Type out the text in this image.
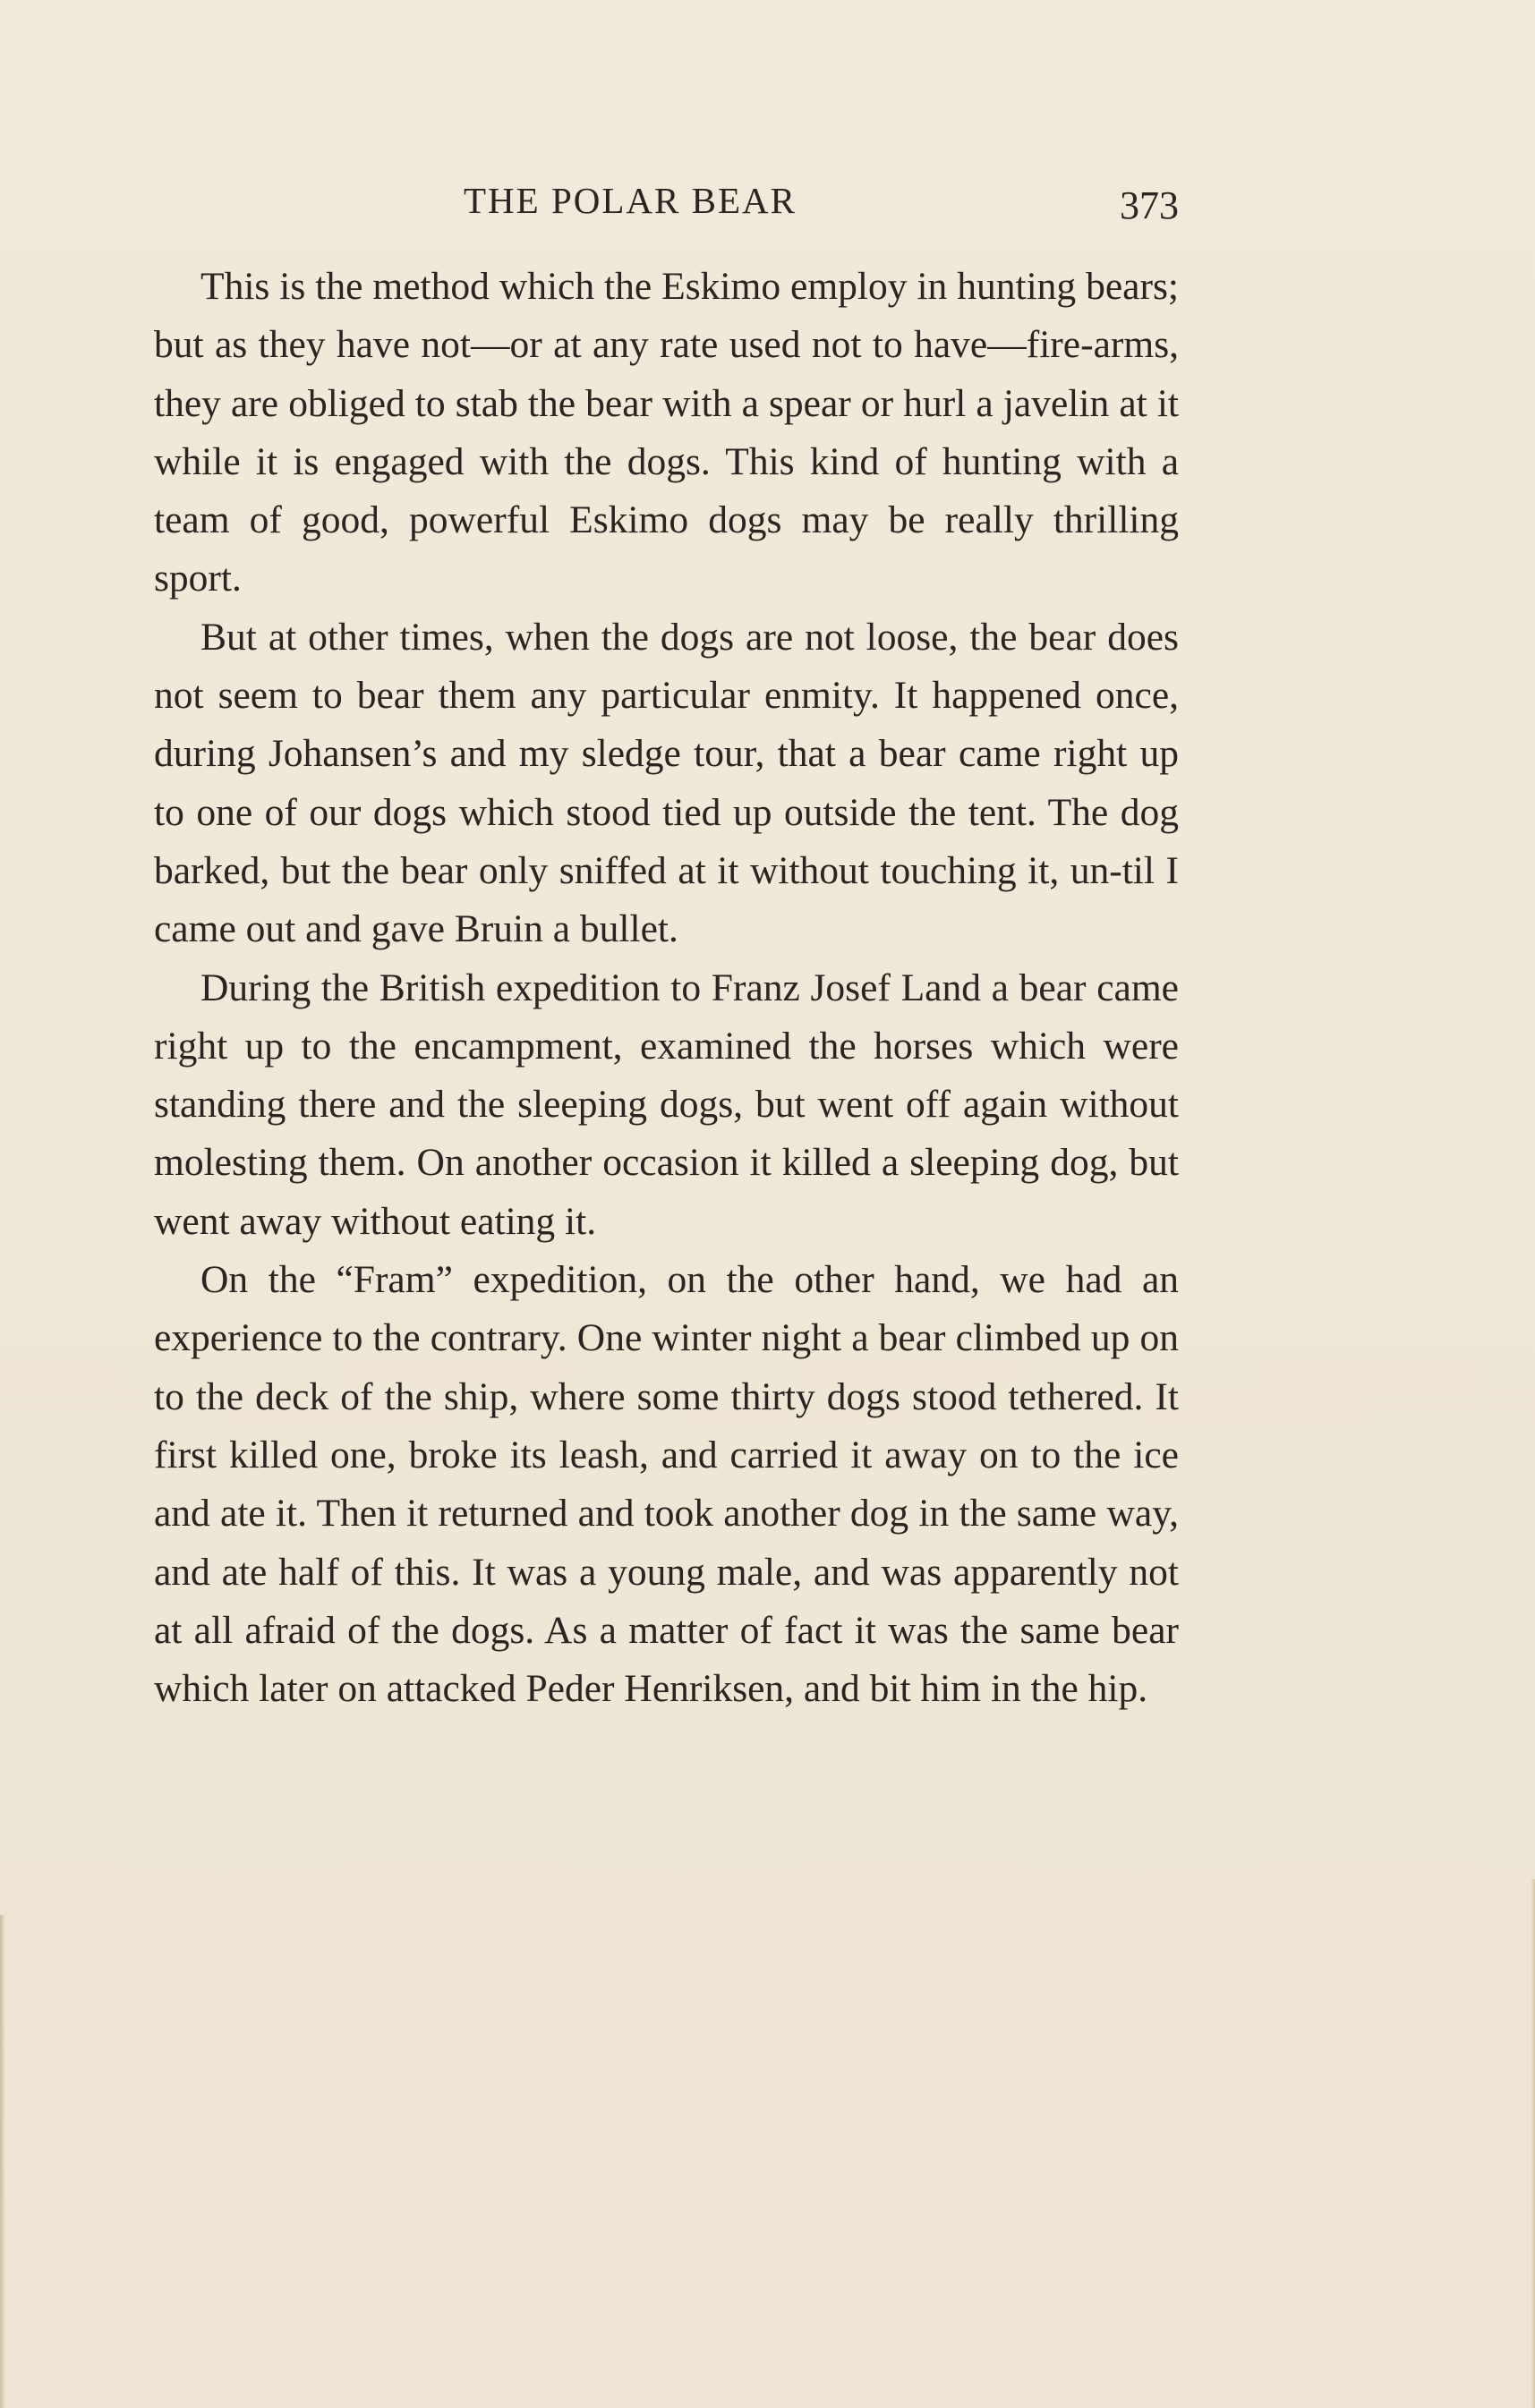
THE POLAR BEAR	373

This is the method which the Eskimo employ in hunting bears; but as they have not—or at any rate used not to have—fire-arms, they are obliged to stab the bear with a spear or hurl a javelin at it while it is engaged with the dogs. This kind of hunting with a team of good, powerful Eskimo dogs may be really thrilling sport.

But at other times, when the dogs are not loose, the bear does not seem to bear them any particular enmity. It happened once, during Johansen’s and my sledge tour, that a bear came right up to one of our dogs which stood tied up outside the tent. The dog barked, but the bear only sniffed at it without touching it, un-til I came out and gave Bruin a bullet.

During the British expedition to Franz Josef Land a bear came right up to the encampment, examined the horses which were standing there and the sleeping dogs, but went off again without molesting them. On another occasion it killed a sleeping dog, but went away without eating it.

On the “Fram” expedition, on the other hand, we had an experience to the contrary. One winter night a bear climbed up on to the deck of the ship, where some thirty dogs stood tethered. It first killed one, broke its leash, and carried it away on to the ice and ate it. Then it returned and took another dog in the same way, and ate half of this. It was a young male, and was apparently not at all afraid of the dogs. As a matter of fact it was the same bear which later on attacked Peder Henriksen, and bit him in the hip.
